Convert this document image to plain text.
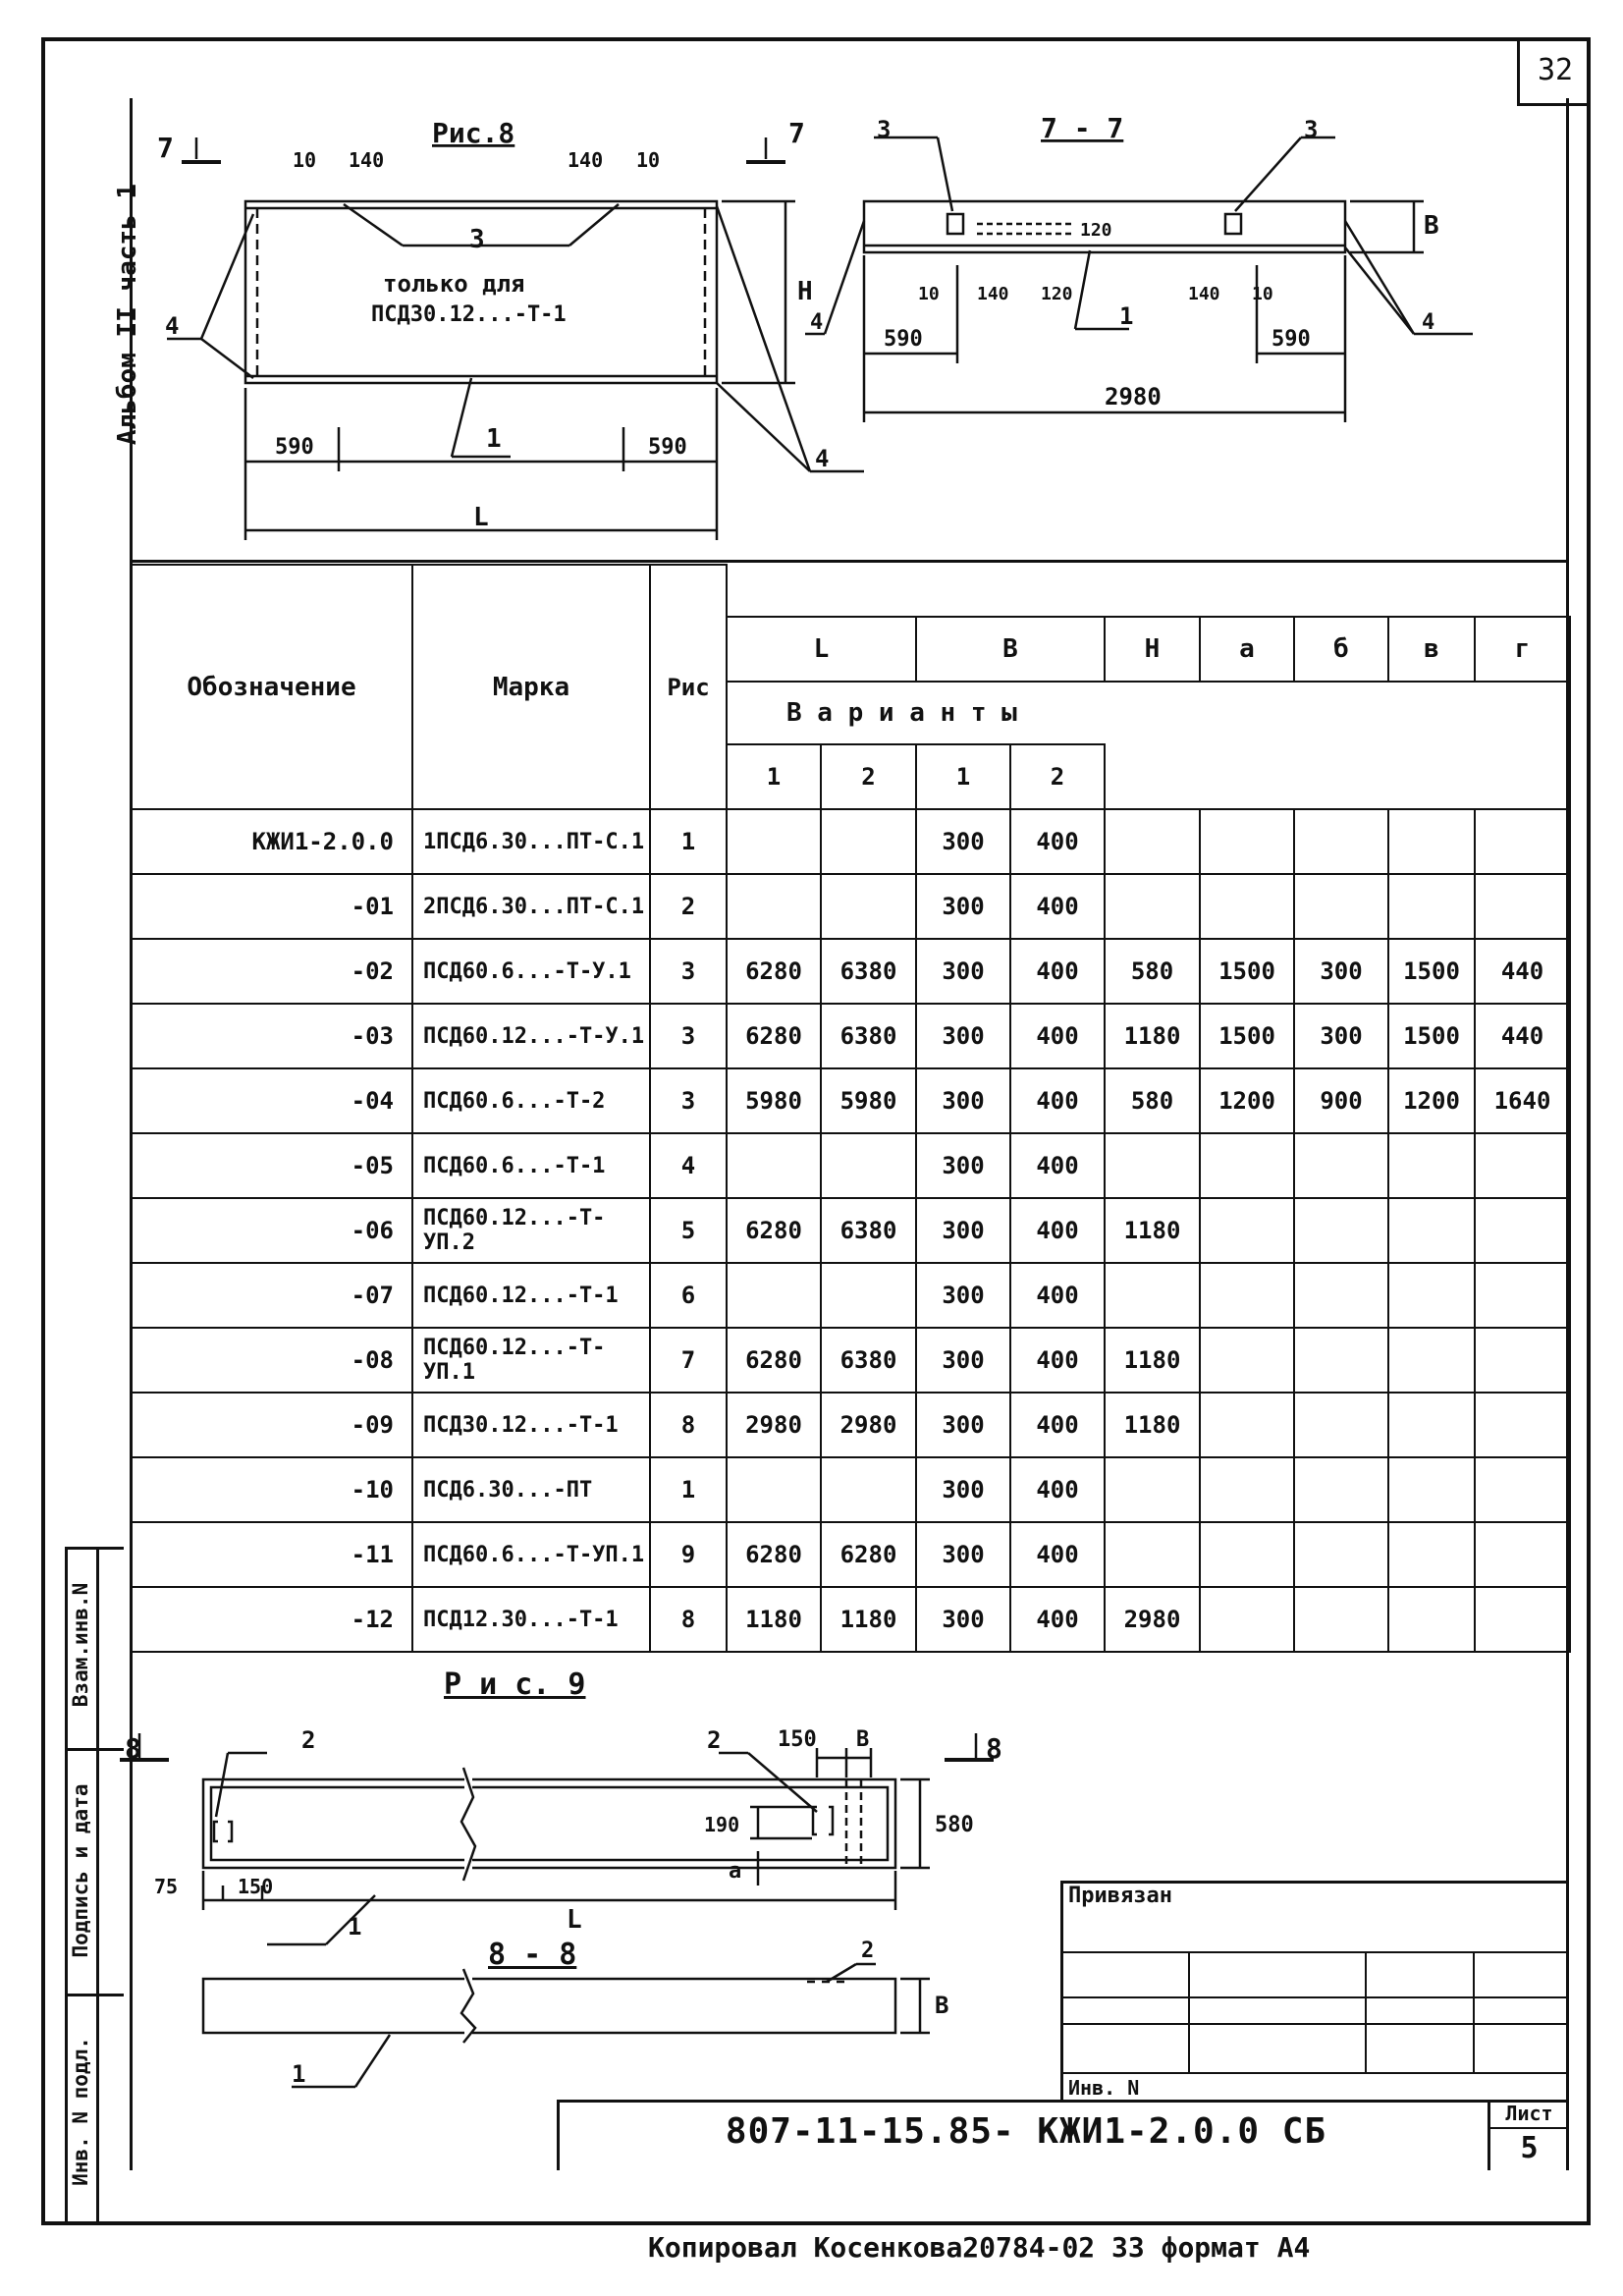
32
Альбом II часть 1
Взам.инв.N
Подпись и дата
Инв. N подл.
Рис.8
7	7
10 140	140 10
3
только для
ПСД30.12...-Т-1
4
H
1
590	590
L
4
7 - 7
3	3
120	В
10 140 120
1
140 10
4	4
590	590
2980
Обозначение	Марка	Рис									
			L		В		Н	а	б	в	г
			В а р и а н т ы								
			1	2	1	2					
КЖИ1-2.0.0	1ПСД6.30...ПТ-С.1	1			300	400					
-01	2ПСД6.30...ПТ-С.1	2			300	400					
-02	ПСД60.6...-Т-У.1	3	6280	6380	300	400	580	1500	300	1500	440
-03	ПСД60.12...-Т-У.1	3	6280	6380	300	400	1180	1500	300	1500	440
-04	ПСД60.6...-Т-2	3	5980	5980	300	400	580	1200	900	1200	1640
-05	ПСД60.6...-Т-1	4			300	400					
-06	ПСД60.12...-Т-УП.2	5	6280	6380	300	400	1180				
-07	ПСД60.12...-Т-1	6			300	400					
-08	ПСД60.12...-Т-УП.1	7	6280	6380	300	400	1180				
-09	ПСД30.12...-Т-1	8	2980	2980	300	400	1180				
-10	ПСД6.30...-ПТ	1			300	400					
-11	ПСД60.6...-Т-УП.1	9	6280	6280	300	400					
-12	ПСД12.30...-Т-1	8	1180	1180	300	400	2980				
Р и с. 9
8	8
2	2	150 В
190	580
а
75	150
1	L
8 - 8	2
В
1
Привязан
Инв. N
807-11-15.85- КЖИ1-2.0.0 СБ	Лист
5
Копировал Косенкова20784-02 33 формат А4
